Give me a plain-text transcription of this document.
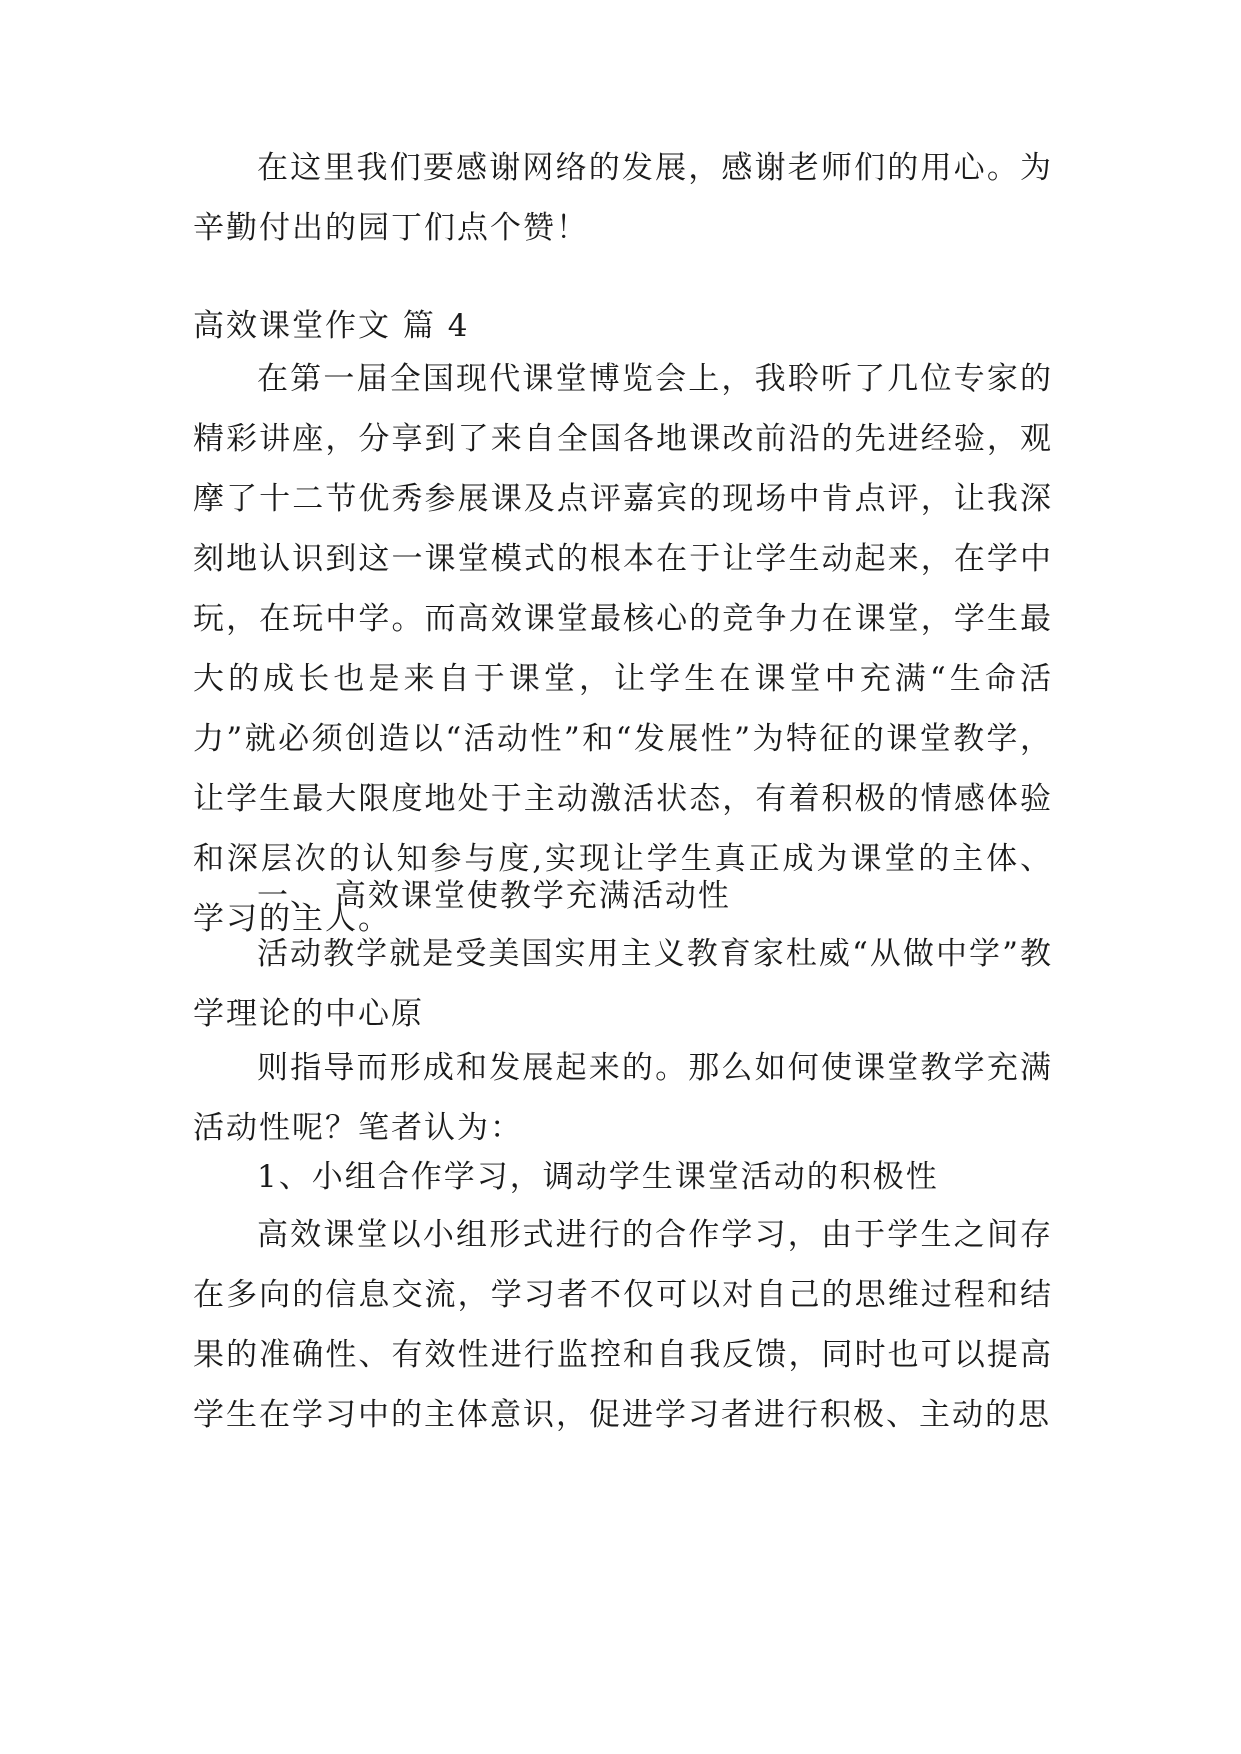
在这里我们要感谢网络的发展，感谢老师们的用心。为辛勤付出的园丁们点个赞！

高效课堂作文 篇 4

在第一届全国现代课堂博览会上，我聆听了几位专家的精彩讲座，分享到了来自全国各地课改前沿的先进经验，观摩了十二节优秀参展课及点评嘉宾的现场中肯点评，让我深刻地认识到这一课堂模式的根本在于让学生动起来，在学中玩，在玩中学。而高效课堂最核心的竞争力在课堂，学生最大的成长也是来自于课堂，让学生在课堂中充满“生命活力”就必须创造以“活动性”和“发展性”为特征的课堂教学，让学生最大限度地处于主动激活状态，有着积极的情感体验和深层次的认知参与度,实现让学生真正成为课堂的主体、学习的主人。

一、 高效课堂使教学充满活动性

活动教学就是受美国实用主义教育家杜威“从做中学”教学理论的中心原

则指导而形成和发展起来的。那么如何使课堂教学充满活动性呢？笔者认为：

1、小组合作学习，调动学生课堂活动的积极性

高效课堂以小组形式进行的合作学习，由于学生之间存在多向的信息交流，学习者不仅可以对自己的思维过程和结果的准确性、有效性进行监控和自我反馈，同时也可以提高学生在学习中的主体意识，促进学习者进行积极、主动的思
